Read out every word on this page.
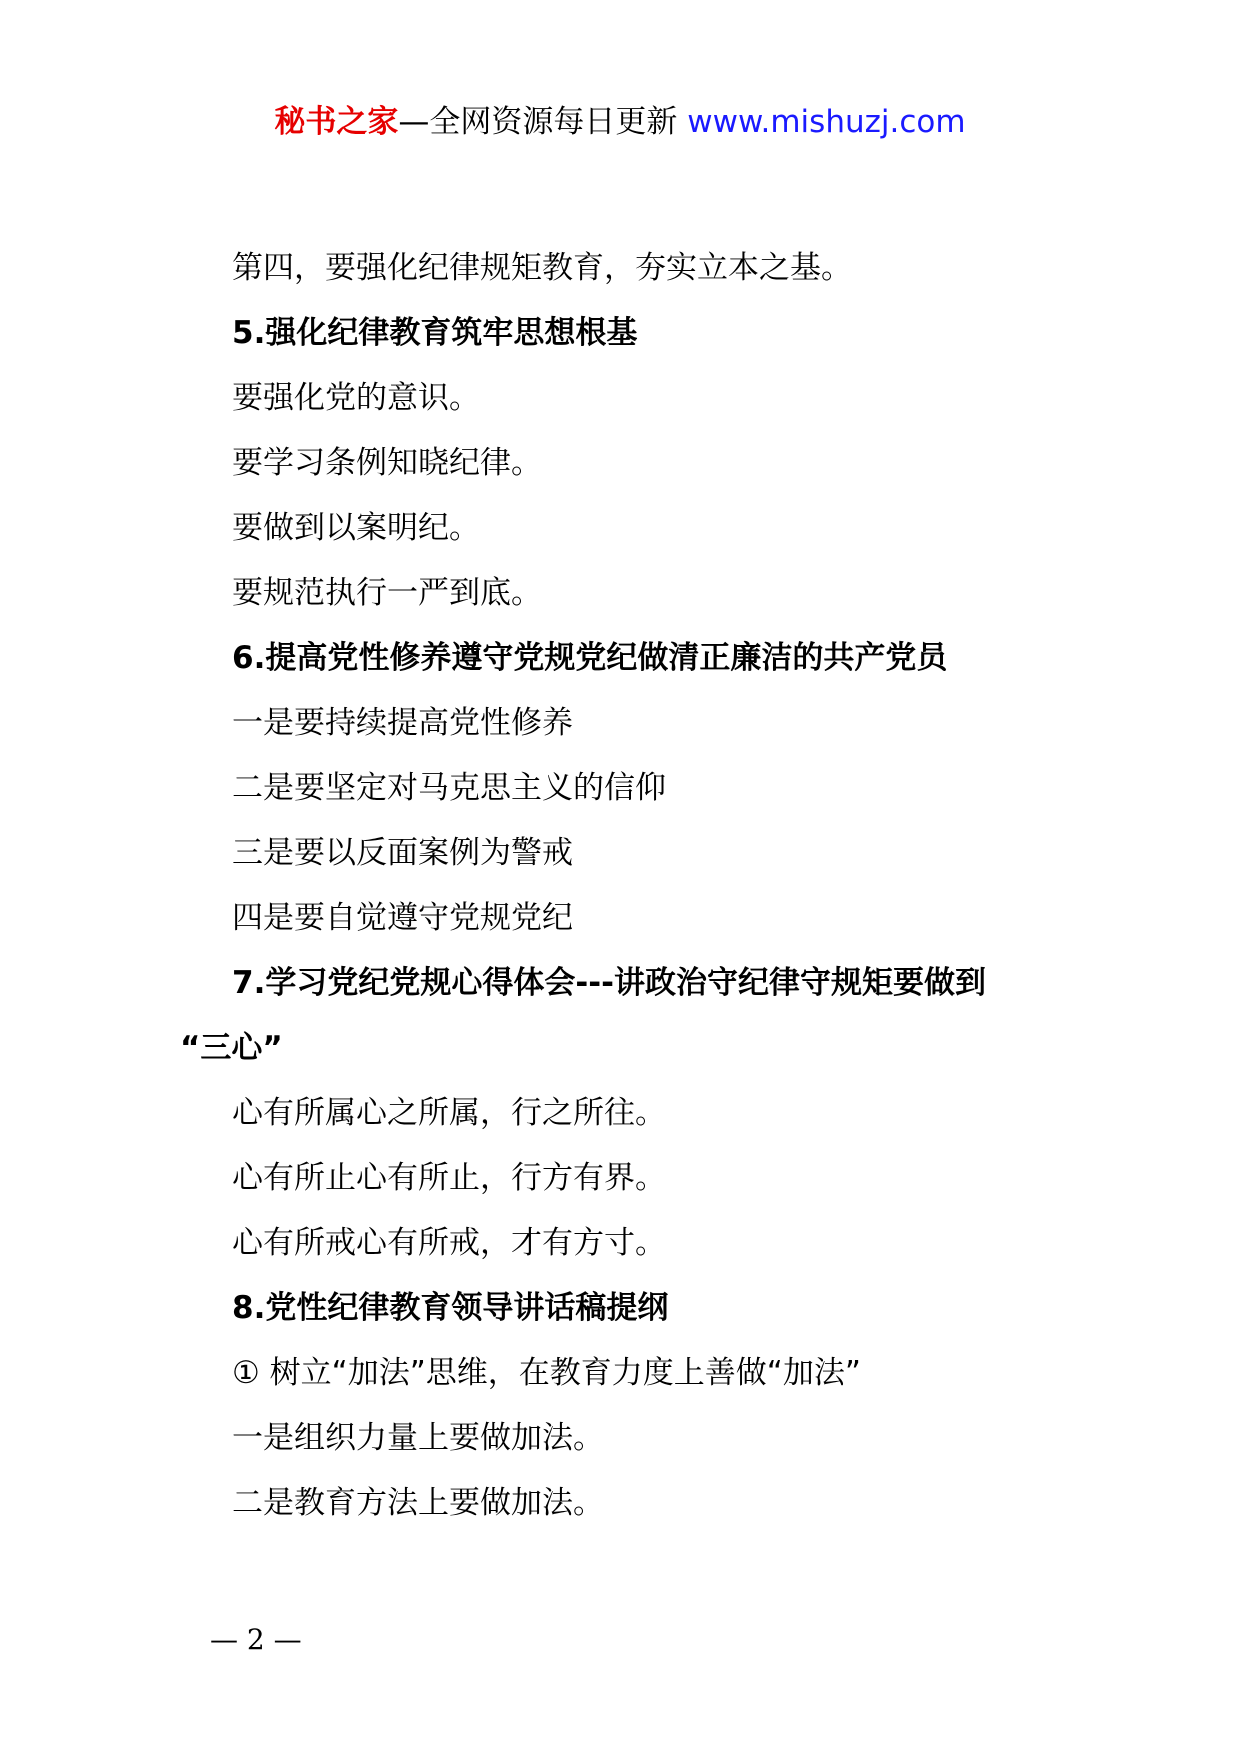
秘书之家—全网资源每日更新 www.mishuzj.com
第四，要强化纪律规矩教育，夯实立本之基。
5.强化纪律教育筑牢思想根基
要强化党的意识。
要学习条例知晓纪律。
要做到以案明纪。
要规范执行一严到底。
6.提高党性修养遵守党规党纪做清正廉洁的共产党员
一是要持续提高党性修养
二是要坚定对马克思主义的信仰
三是要以反面案例为警戒
四是要自觉遵守党规党纪
7.学习党纪党规心得体会---讲政治守纪律守规矩要做到
“三心”
心有所属心之所属，行之所往。
心有所止心有所止，行方有界。
心有所戒心有所戒，才有方寸。
8.党性纪律教育领导讲话稿提纲
① 树立“加法”思维，在教育力度上善做“加法”
一是组织力量上要做加法。
二是教育方法上要做加法。
— 2 —
